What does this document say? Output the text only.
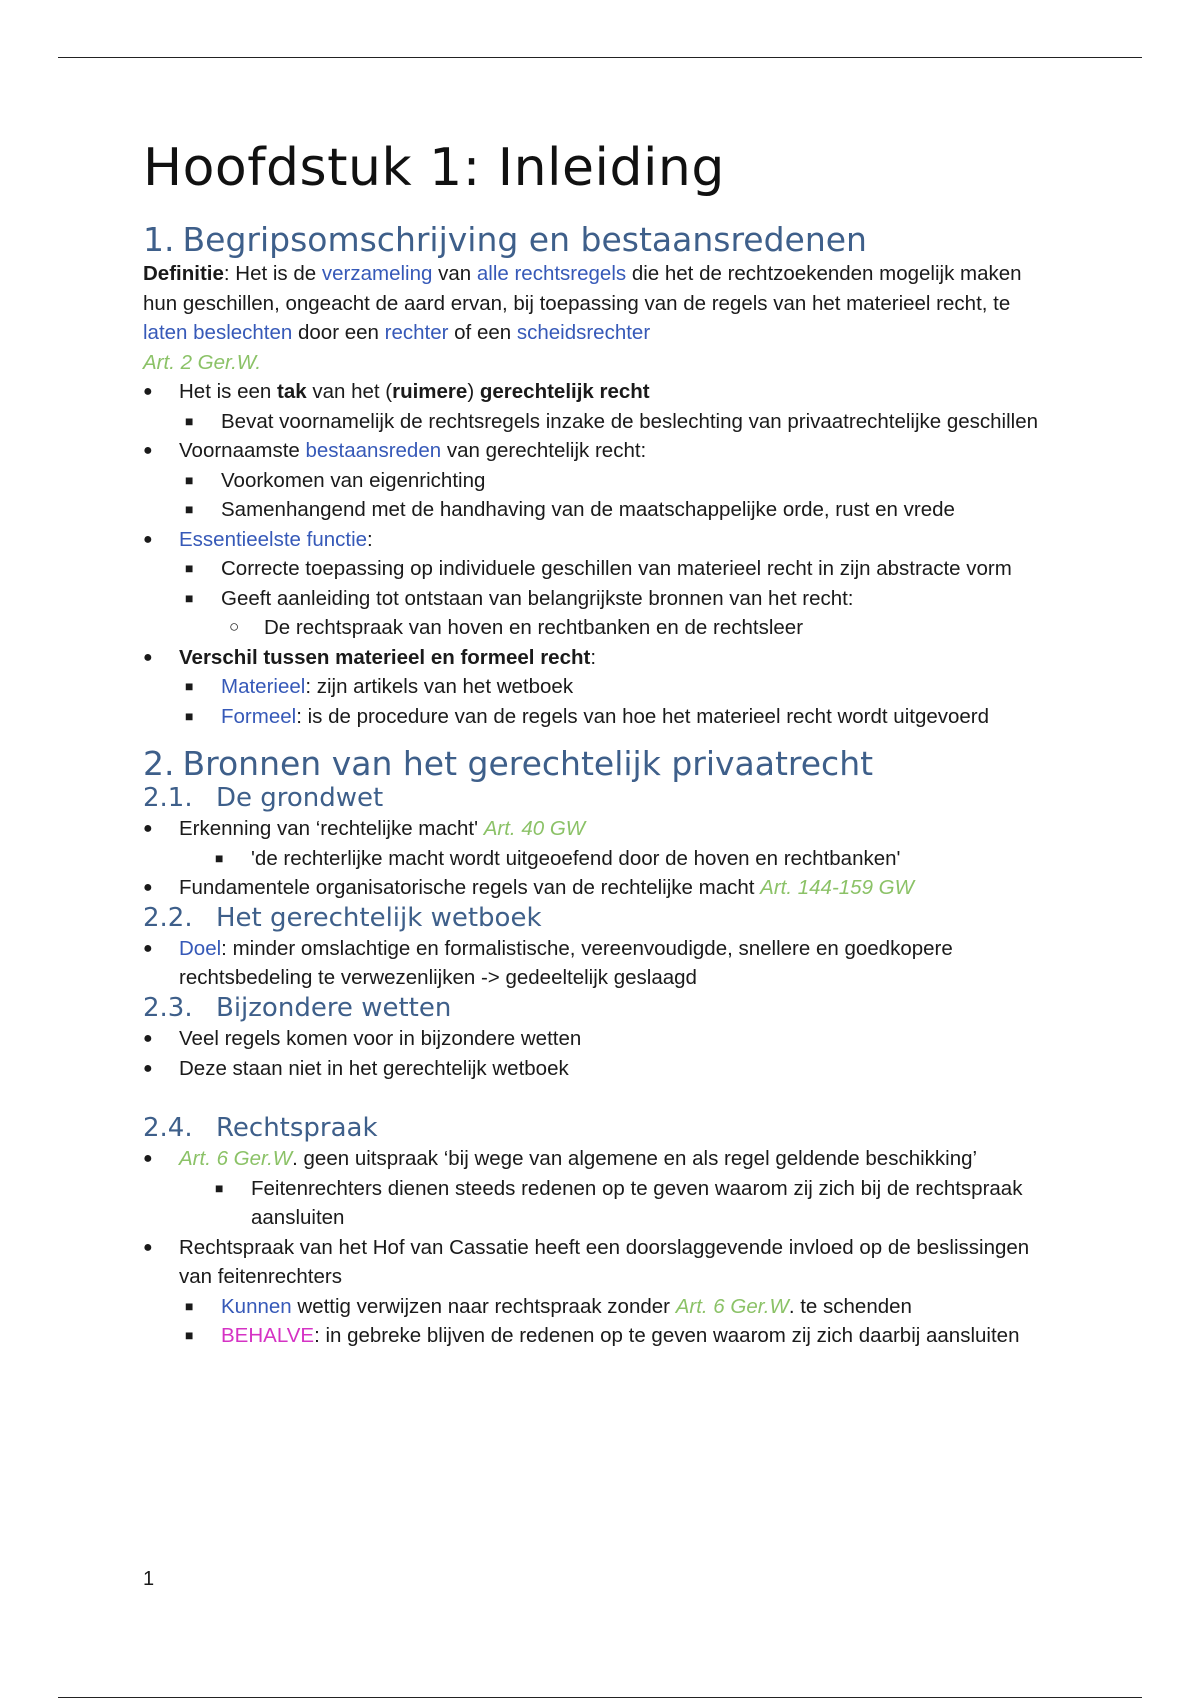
Hoofdstuk 1: Inleiding
1. Begripsomschrijving en bestaansredenen

Definitie: Het is de verzameling van alle rechtsregels die het de rechtzoekenden mogelijk maken hun geschillen, ongeacht de aard ervan, bij toepassing van de regels van het materieel recht, te laten beslechten door een rechter of een scheidsrechter

Art. 2 Ger.W.

● Het is een tak van het (ruimere) gerechtelijk recht
■ Bevat voornamelijk de rechtsregels inzake de beslechting van privaatrechtelijke geschillen
● Voornaamste bestaansreden van gerechtelijk recht:
■ Voorkomen van eigenrichting
■ Samenhangend met de handhaving van de maatschappelijke orde, rust en vrede
● Essentieelste functie:
■ Correcte toepassing op individuele geschillen van materieel recht in zijn abstracte vorm
■ Geeft aanleiding tot ontstaan van belangrijkste bronnen van het recht:
○ De rechtspraak van hoven en rechtbanken en de rechtsleer
● Verschil tussen materieel en formeel recht:
■ Materieel: zijn artikels van het wetboek
■ Formeel: is de procedure van de regels van hoe het materieel recht wordt uitgevoerd
2. Bronnen van het gerechtelijk privaatrecht
2.1. De grondwet
● Erkenning van ‘rechtelijke macht' Art. 40 GW
■ 'de rechterlijke macht wordt uitgeoefend door de hoven en rechtbanken'
● Fundamentele organisatorische regels van de rechtelijke macht Art. 144-159 GW
2.2. Het gerechtelijk wetboek
● Doel: minder omslachtige en formalistische, vereenvoudigde, snellere en goedkopere rechtsbedeling te verwezenlijken -> gedeeltelijk geslaagd
2.3. Bijzondere wetten
● Veel regels komen voor in bijzondere wetten
● Deze staan niet in het gerechtelijk wetboek
2.4. Rechtspraak
● Art. 6 Ger.W. geen uitspraak ‘bij wege van algemene en als regel geldende beschikking’
■ Feitenrechters dienen steeds redenen op te geven waarom zij zich bij de rechtspraak aansluiten
● Rechtspraak van het Hof van Cassatie heeft een doorslaggevende invloed op de beslissingen van feitenrechters
■ Kunnen wettig verwijzen naar rechtspraak zonder Art. 6 Ger.W. te schenden
■ BEHALVE: in gebreke blijven de redenen op te geven waarom zij zich daarbij aansluiten
1
